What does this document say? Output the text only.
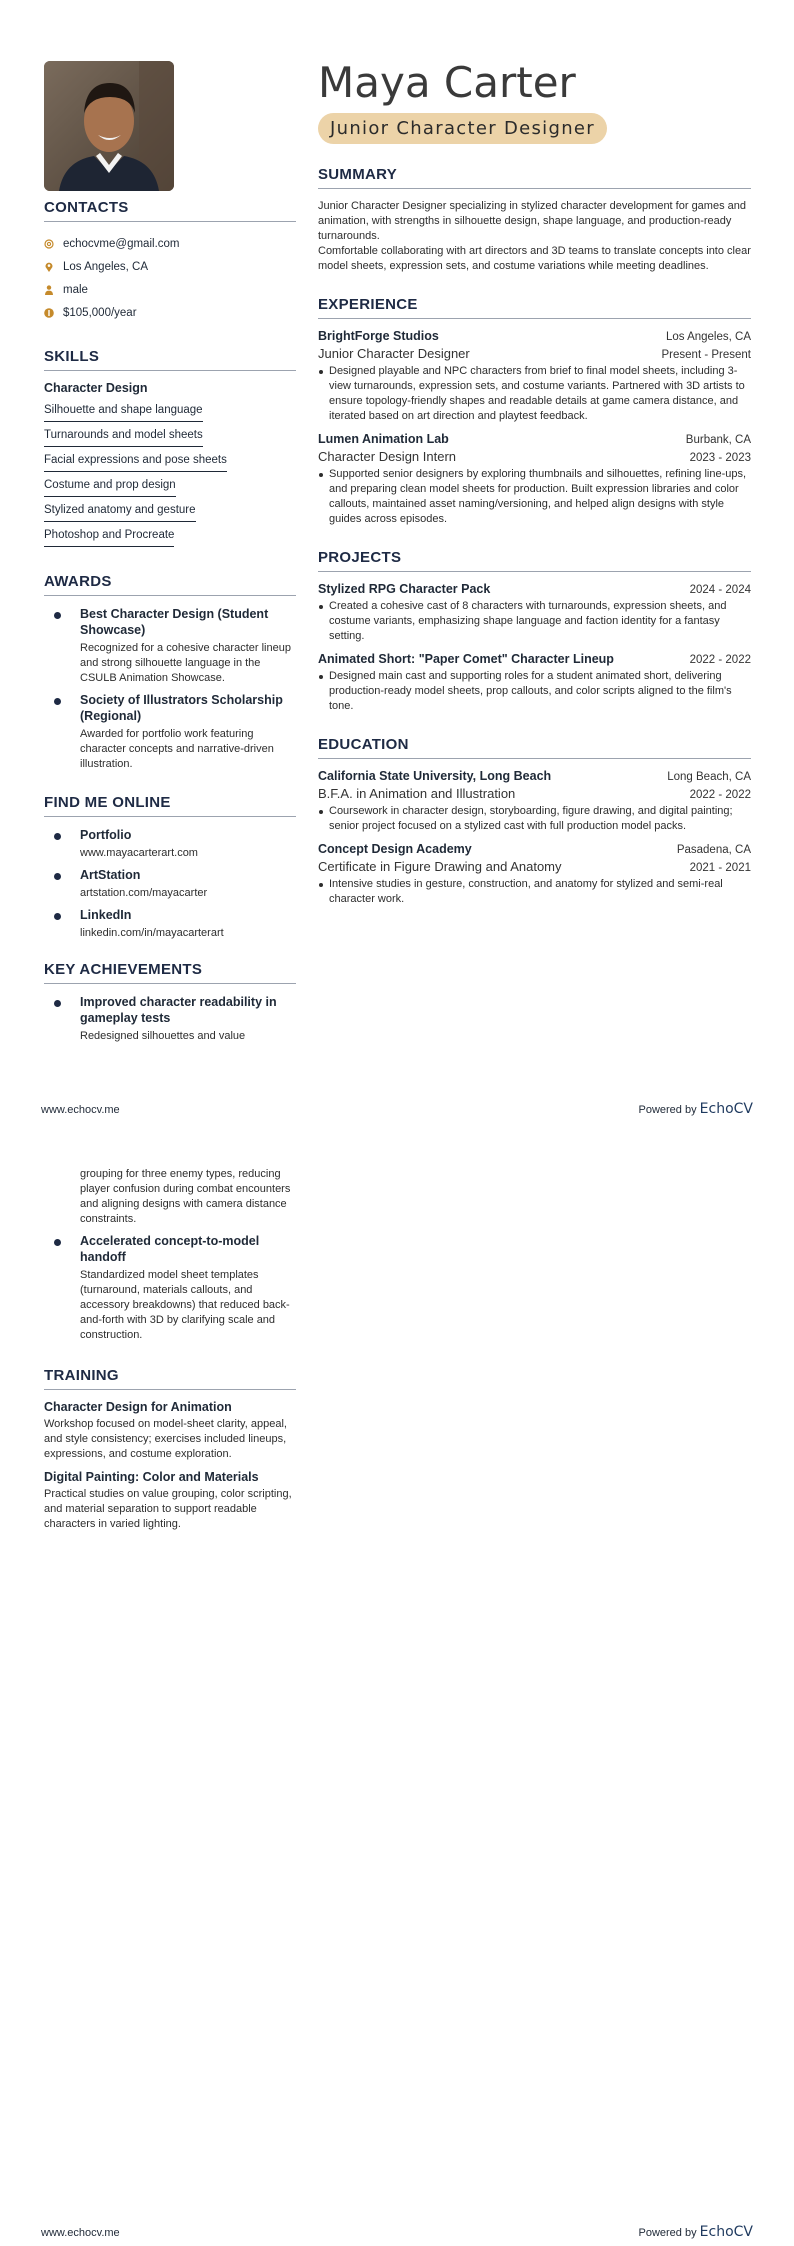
CONTACTS
echocvme@gmail.com
Los Angeles, CA
male
$105,000/year
SKILLS
Character Design
Silhouette and shape language
Turnarounds and model sheets
Facial expressions and pose sheets
Costume and prop design
Stylized anatomy and gesture
Photoshop and Procreate
AWARDS
Best Character Design (Student Showcase)
Recognized for a cohesive character lineup and strong silhouette language in the CSULB Animation Showcase.
Society of Illustrators Scholarship (Regional)
Awarded for portfolio work featuring character concepts and narrative-driven illustration.
FIND ME ONLINE
Portfolio
www.mayacarterart.com
ArtStation
artstation.com/mayacarter
LinkedIn
linkedin.com/in/mayacarterart
KEY ACHIEVEMENTS
Improved character readability in gameplay tests
Redesigned silhouettes and value
Maya Carter
Junior Character Designer
SUMMARY
Junior Character Designer specializing in stylized character development for games and animation, with strengths in silhouette design, shape language, and production-ready turnarounds.
Comfortable collaborating with art directors and 3D teams to translate concepts into clear model sheets, expression sets, and costume variations while meeting deadlines.
EXPERIENCE
BrightForge Studios	Los Angeles, CA
Junior Character Designer	Present - Present
Designed playable and NPC characters from brief to final model sheets, including 3-view turnarounds, expression sets, and costume variants. Partnered with 3D artists to ensure topology-friendly shapes and readable details at game camera distance, and iterated based on art direction and playtest feedback.
Lumen Animation Lab	Burbank, CA
Character Design Intern	2023 - 2023
Supported senior designers by exploring thumbnails and silhouettes, refining line-ups, and preparing clean model sheets for production. Built expression libraries and color callouts, maintained asset naming/versioning, and helped align designs with style guides across episodes.
PROJECTS
Stylized RPG Character Pack	2024 - 2024
Created a cohesive cast of 8 characters with turnarounds, expression sheets, and costume variants, emphasizing shape language and faction identity for a fantasy setting.
Animated Short: "Paper Comet" Character Lineup	2022 - 2022
Designed main cast and supporting roles for a student animated short, delivering production-ready model sheets, prop callouts, and color scripts aligned to the film's tone.
EDUCATION
California State University, Long Beach	Long Beach, CA
B.F.A. in Animation and Illustration	2022 - 2022
Coursework in character design, storyboarding, figure drawing, and digital painting; senior project focused on a stylized cast with full production model packs.
Concept Design Academy	Pasadena, CA
Certificate in Figure Drawing and Anatomy	2021 - 2021
Intensive studies in gesture, construction, and anatomy for stylized and semi-real character work.
www.echocv.me	Powered by EchoCV
grouping for three enemy types, reducing player confusion during combat encounters and aligning designs with camera distance constraints.
Accelerated concept-to-model handoff
Standardized model sheet templates (turnaround, materials callouts, and accessory breakdowns) that reduced back-and-forth with 3D by clarifying scale and construction.
TRAINING
Character Design for Animation
Workshop focused on model-sheet clarity, appeal, and style consistency; exercises included lineups, expressions, and costume exploration.
Digital Painting: Color and Materials
Practical studies on value grouping, color scripting, and material separation to support readable characters in varied lighting.
www.echocv.me	Powered by EchoCV
